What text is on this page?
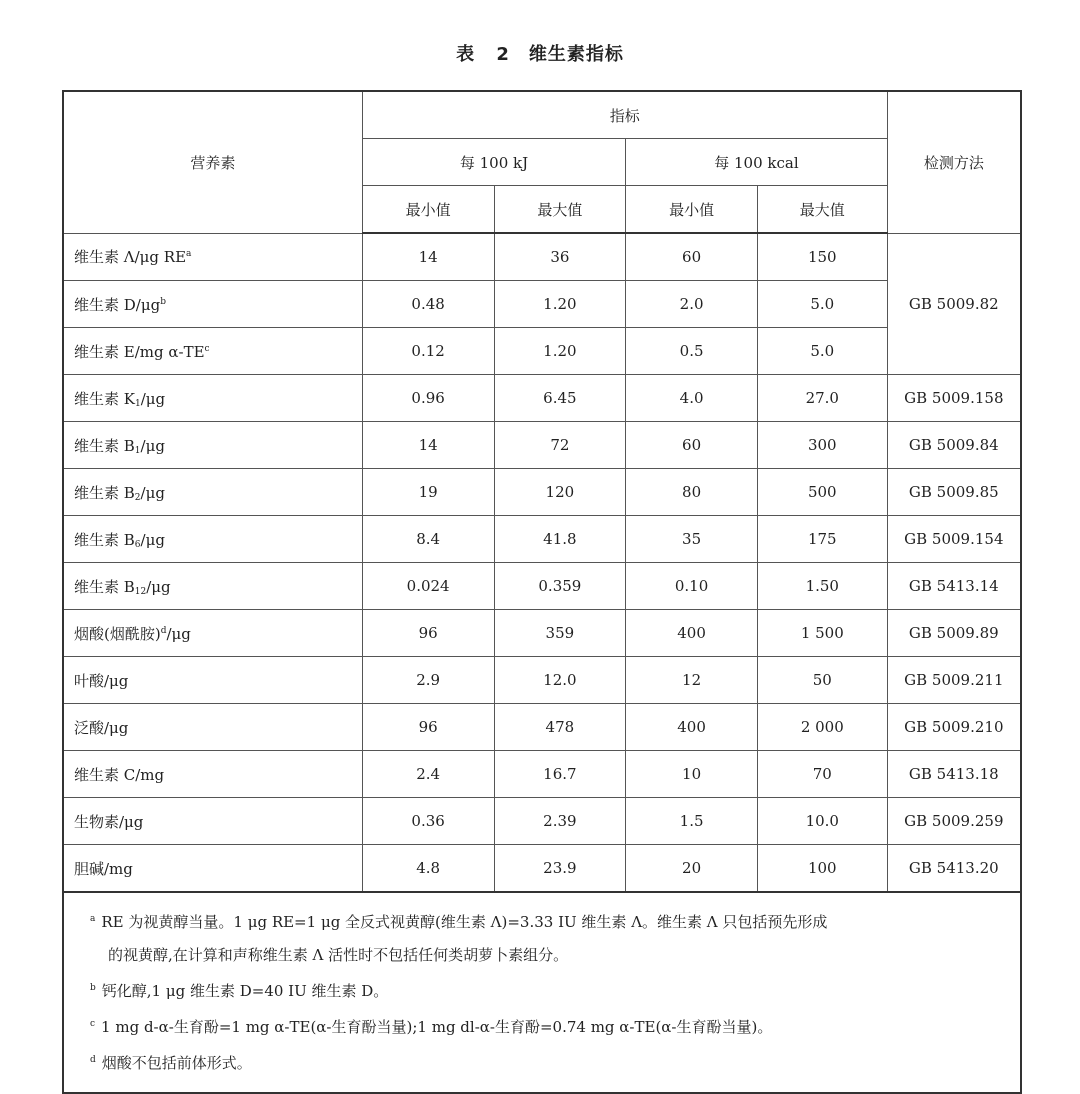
表 2　维生素指标
营养素	指标				检测方法
	每 100 kJ		每 100 kcal		
	最小值	最大值	最小值	最大值	
维生素 Λ/μg $RE^a$	14	36	60	150	GB 5009.82
维生素 $D/\mu g^b$	0.48	1.20	2.0	5.0	
维生素 E/mg $\alpha-TE^c$	0.12	1.20	0.5	5.0	
维生素 $K_1/\mu g$	0.96	6.45	4.0	27.0	GB 5009.158
维生素 $B_1/\mu g$	14	72	60	300	GB 5009.84
维生素 $B_2/\mu g$	19	120	80	500	GB 5009.85
维生素 $B_6/\mu g$	8.4	41.8	35	175	GB 5009.154
维生素 $B_{12}/\mu g$	0.024	0.359	0.10	1.50	GB 5413.14
烟酸(烟酰胺)$^d$/μg	96	359	400	1 500	GB 5009.89
叶酸/μg	2.9	12.0	12	50	GB 5009.211
泛酸/μg	96	478	400	2 000	GB 5009.210
维生素 C/mg	2.4	16.7	10	70	GB 5413.18
生物素/μg	0.36	2.39	1.5	10.0	GB 5009.259
胆碱/mg	4.8	23.9	20	100	GB 5413.20

$^a$ RE 为视黄醇当量。1 μg RE=1 μg 全反式视黄醇(维生素 Λ)=3.33 IU 维生素 Λ。维生素 Λ 只包括预先形成
的视黄醇,在计算和声称维生素 Λ 活性时不包括任何类胡萝卜素组分。
$^b$ 钙化醇,1 μg 维生素 D=40 IU 维生素 D。
$^c$ 1 mg d-α-生育酚=1 mg α-TE(α-生育酚当量);1 mg dl-α-生育酚=0.74 mg α-TE(α-生育酚当量)。
$^d$ 烟酸不包括前体形式。					
